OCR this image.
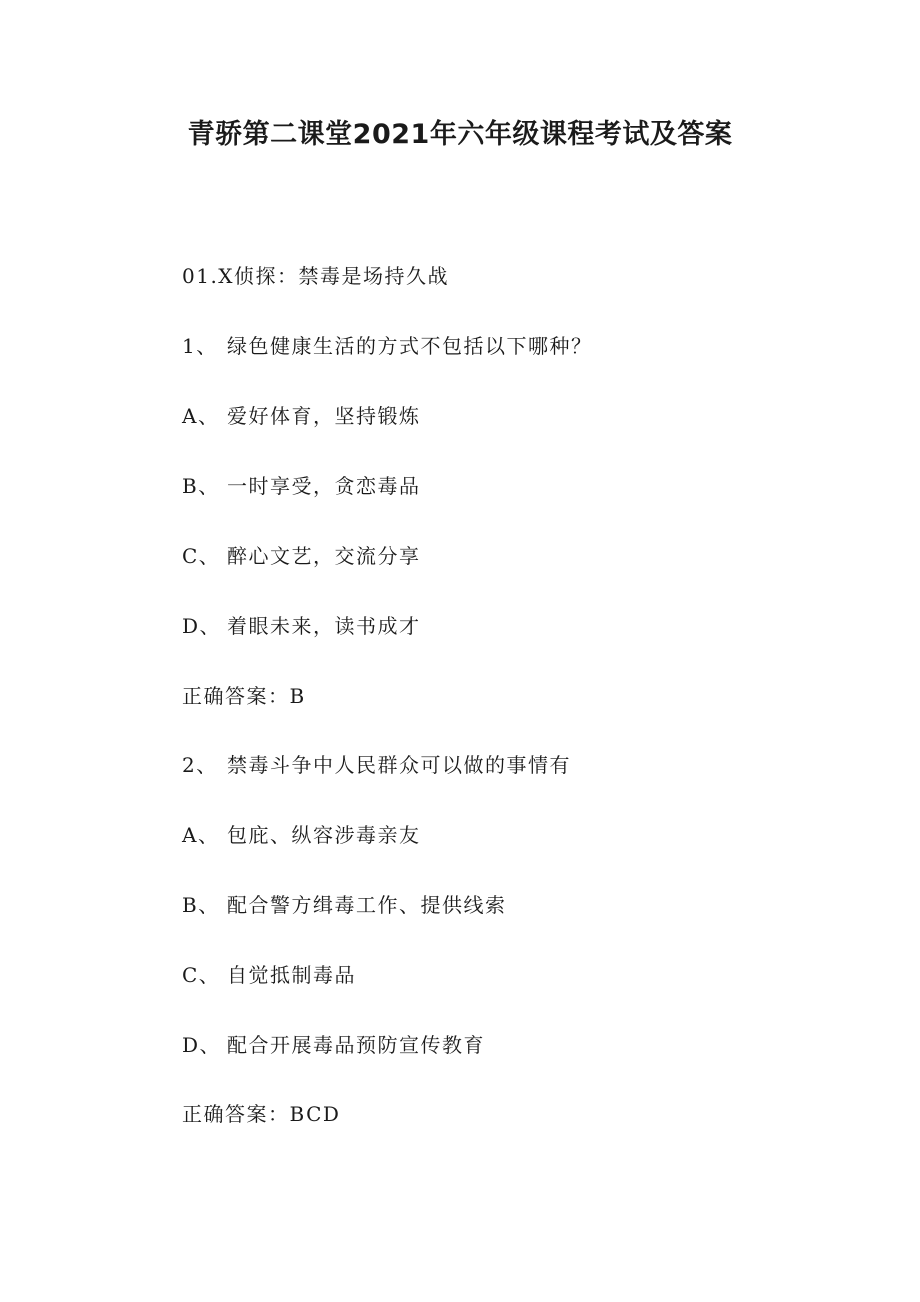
青骄第二课堂2021年六年级课程考试及答案
01.X侦探：禁毒是场持久战
1、 绿色健康生活的方式不包括以下哪种？
A、 爱好体育，坚持锻炼
B、 一时享受，贪恋毒品
C、 醉心文艺，交流分享
D、 着眼未来，读书成才
正确答案：B
2、 禁毒斗争中人民群众可以做的事情有
A、 包庇、纵容涉毒亲友
B、 配合警方缉毒工作、提供线索
C、 自觉抵制毒品
D、 配合开展毒品预防宣传教育
正确答案：BCD
